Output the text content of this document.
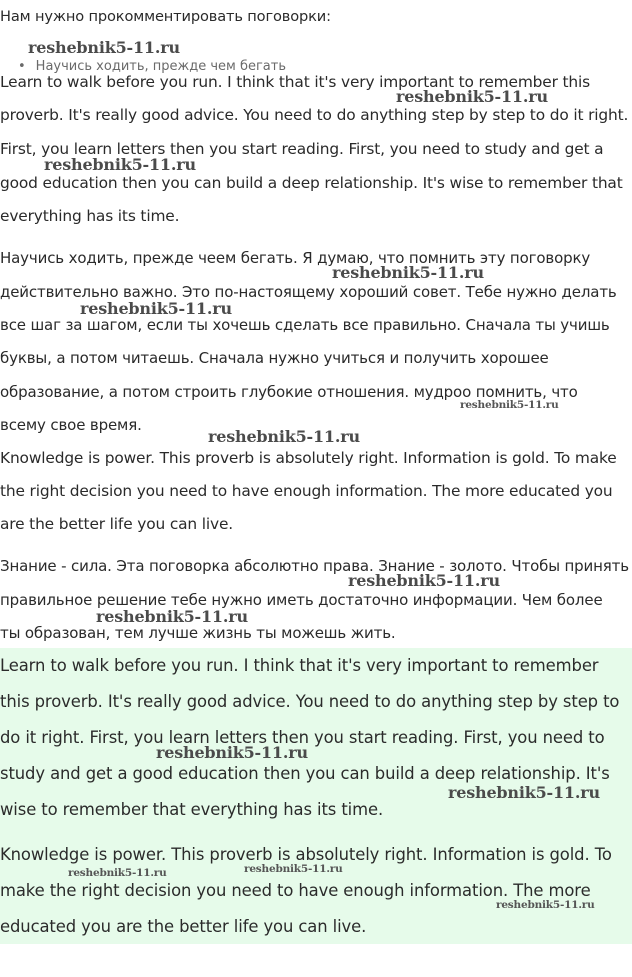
Нам нужно прокомментировать поговорки:
• Научись ходить, прежде чем бегать
Learn to walk before you run. I think that it's very important to remember this
proverb. It's really good advice. You need to do anything step by step to do it right.
First, you learn letters then you start reading. First, you need to study and get a
good education then you can build a deep relationship. It's wise to remember that
everything has its time.
Научись ходить, прежде чеем бегать. Я думаю, что помнить эту поговорку
действительно важно. Это по-настоящему хороший совет. Тебе нужно делать
все шаг за шагом, если ты хочешь сделать все правильно. Сначала ты учишь
буквы, а потом читаешь. Сначала нужно учиться и получить хорошее
образование, а потом строить глубокие отношения. мудроо помнить, что
всему свое время.
Knowledge is power. This proverb is absolutely right. Information is gold. To make
the right decision you need to have enough information. The more educated you
are the better life you can live.
Знание - сила. Эта поговорка абсолютно права. Знание - золото. Чтобы принять
правильное решение тебе нужно иметь достаточно информации. Чем более
ты образован, тем лучше жизнь ты можешь жить.
Learn to walk before you run. I think that it's very important to remember
this proverb. It's really good advice. You need to do anything step by step to
do it right. First, you learn letters then you start reading. First, you need to
study and get a good education then you can build a deep relationship. It's
wise to remember that everything has its time.
Knowledge is power. This proverb is absolutely right. Information is gold. To
make the right decision you need to have enough information. The more
educated you are the better life you can live.
reshebnik5-11.ru
reshebnik5-11.ru
reshebnik5-11.ru
reshebnik5-11.ru
reshebnik5-11.ru
reshebnik5-11.ru
reshebnik5-11.ru
reshebnik5-11.ru
reshebnik5-11.ru
reshebnik5-11.ru
reshebnik5-11.ru
reshebnik5-11.ru	reshebnik5-11.ru
reshebnik5-11.ru
